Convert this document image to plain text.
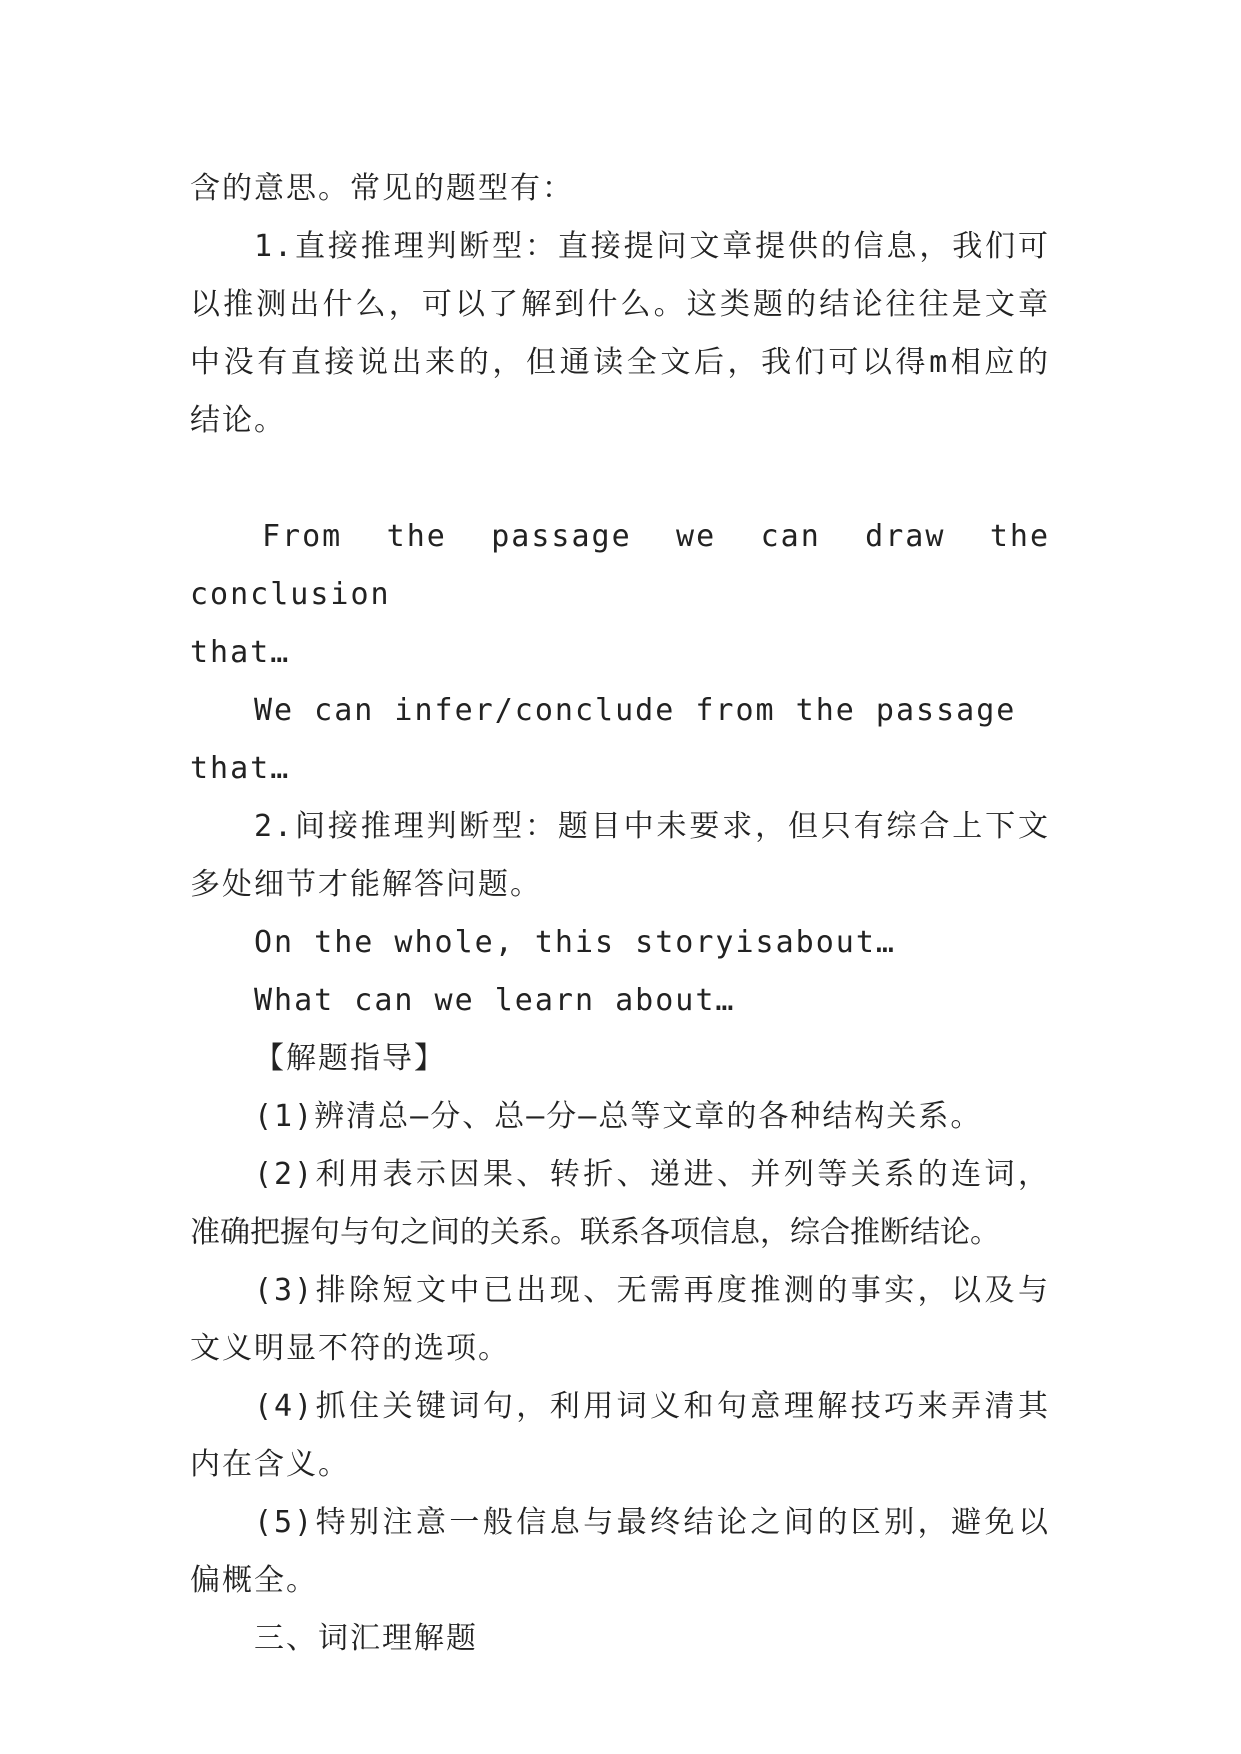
含的意思。常见的题型有：

1.直接推理判断型：直接提问文章提供的信息，我们可

以推测出什么，可以了解到什么。这类题的结论往往是文章

中没有直接说出来的，但通读全文后，我们可以得m相应的

结论。

From the passage we can draw the conclusion

that…

We can infer/conclude from the passage that…

2.间接推理判断型：题目中未要求，但只有综合上下文

多处细节才能解答问题。

On the whole, this storyisabout…

What can we learn about…

【解题指导】

(1)辨清总—分、总—分—总等文章的各种结构关系。

(2)利用表示因果、转折、递进、并列等关系的连词，

准确把握句与句之间的关系。联系各项信息，综合推断结论。

(3)排除短文中已出现、无需再度推测的事实，以及与

文义明显不符的选项。

(4)抓住关键词句，利用词义和句意理解技巧来弄清其

内在含义。

(5)特别注意一般信息与最终结论之间的区别，避免以

偏概全。

三、词汇理解题
